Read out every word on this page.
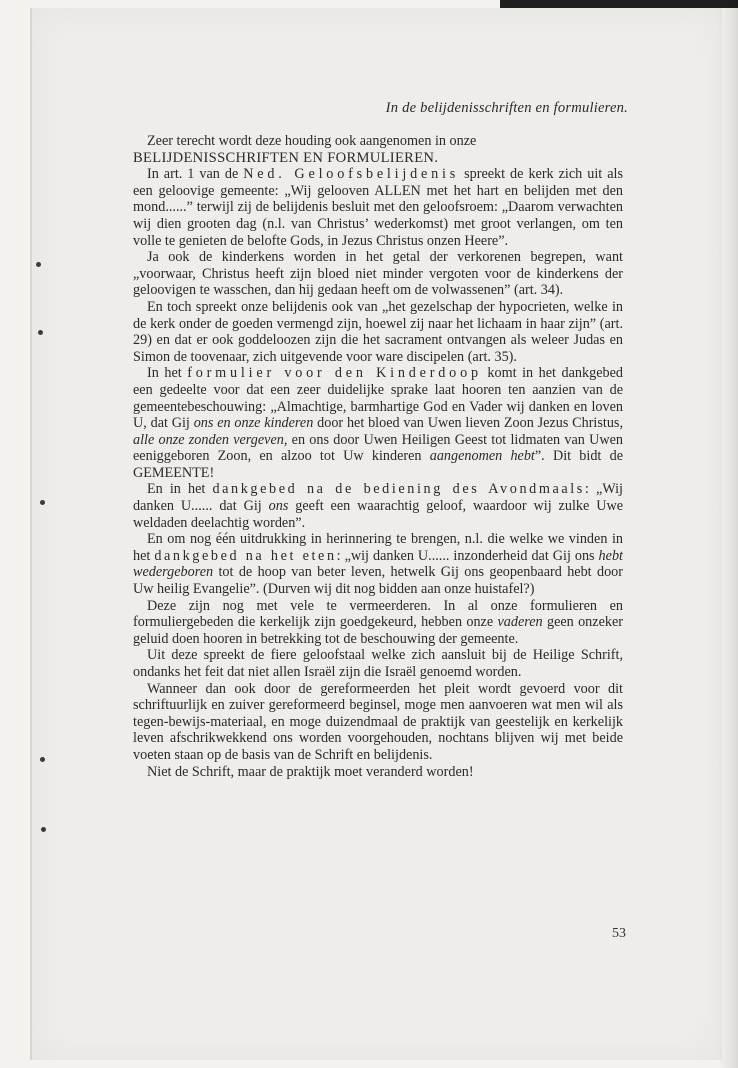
In de belijdenisschriften en formulieren.

Zeer terecht wordt deze houding ook aangenomen in onze
BELIJDENISSCHRIFTEN EN FORMULIEREN.

In art. 1 van de Ned. Geloofsbelijdenis spreekt de kerk zich uit als een geloovige gemeente: „Wij gelooven ALLEN met het hart en belijden met den mond......” terwijl zij de belijdenis besluit met den geloofsroem: „Daarom verwachten wij dien grooten dag (n.l. van Christus’ wederkomst) met groot verlangen, om ten volle te genieten de belofte Gods, in Jezus Christus onzen Heere”.

Ja ook de kinderkens worden in het getal der verkorenen begrepen, want „voorwaar, Christus heeft zijn bloed niet minder vergoten voor de kinderkens der geloovigen te wasschen, dan hij gedaan heeft om de volwassenen” (art. 34).

En toch spreekt onze belijdenis ook van „het gezelschap der hypocrieten, welke in de kerk onder de goeden vermengd zijn, hoewel zij naar het lichaam in haar zijn” (art. 29) en dat er ook goddeloozen zijn die het sacrament ontvangen als weleer Judas en Simon de toovenaar, zich uitgevende voor ware discipelen (art. 35).

In het formulier voor den Kinderdoop komt in het dankgebed een gedeelte voor dat een zeer duidelijke sprake laat hooren ten aanzien van de gemeentebeschouwing: „Almachtige, barmhartige God en Vader wij danken en loven U, dat Gij ons en onze kinderen door het bloed van Uwen lieven Zoon Jezus Christus, alle onze zonden vergeven, en ons door Uwen Heiligen Geest tot lidmaten van Uwen eeniggeboren Zoon, en alzoo tot Uw kinderen aangenomen hebt”. Dit bidt de GEMEENTE!

En in het dankgebed na de bediening des Avondmaals: „Wij danken U...... dat Gij ons geeft een waarachtig geloof, waardoor wij zulke Uwe weldaden deelachtig worden”.

En om nog één uitdrukking in herinnering te brengen, n.l. die welke we vinden in het dankgebed na het eten: „wij danken U...... inzonderheid dat Gij ons hebt wedergeboren tot de hoop van beter leven, hetwelk Gij ons geopenbaard hebt door Uw heilig Evangelie”. (Durven wij dit nog bidden aan onze huistafel?)

Deze zijn nog met vele te vermeerderen. In al onze formulieren en formuliergebeden die kerkelijk zijn goedgekeurd, hebben onze vaderen geen onzeker geluid doen hooren in betrekking tot de beschouwing der gemeente.

Uit deze spreekt de fiere geloofstaal welke zich aansluit bij de Heilige Schrift, ondanks het feit dat niet allen Israël zijn die Israël genoemd worden.

Wanneer dan ook door de gereformeerden het pleit wordt gevoerd voor dit schriftuurlijk en zuiver gereformeerd beginsel, moge men aanvoeren wat men wil als tegen-bewijs-materiaal, en moge duizendmaal de praktijk van geestelijk en kerkelijk leven afschrikwekkend ons worden voorgehouden, nochtans blijven wij met beide voeten staan op de basis van de Schrift en belijdenis.

Niet de Schrift, maar de praktijk moet veranderd worden!

53
